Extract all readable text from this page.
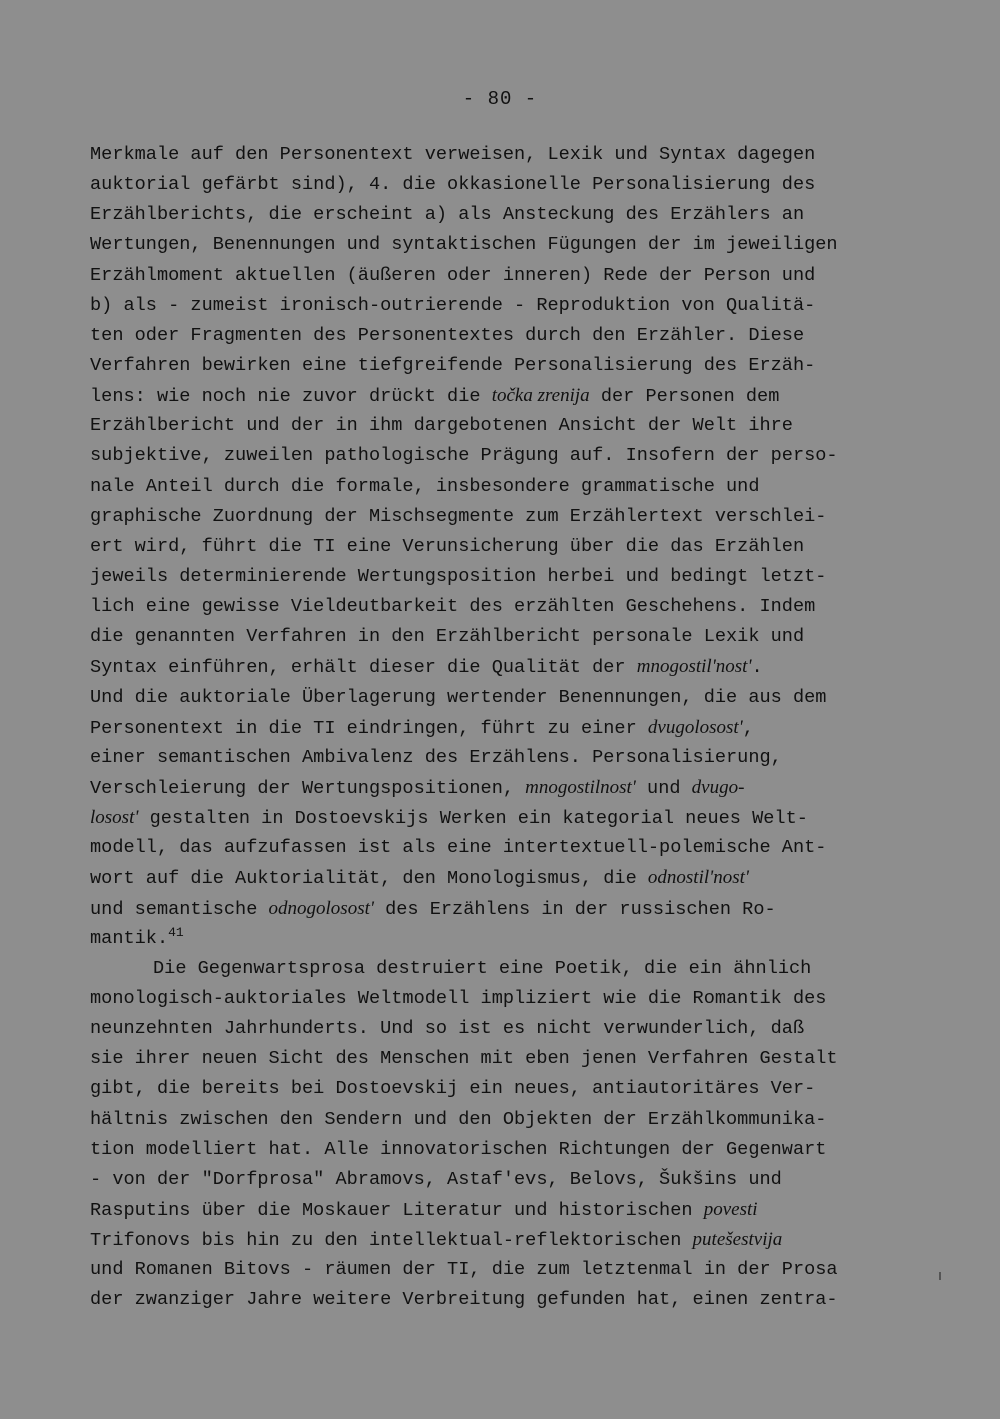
- 80 -
Merkmale auf den Personentext verweisen, Lexik und Syntax dagegen
auktorial gefärbt sind), 4. die okkasionelle Personalisierung des
Erzählberichts, die erscheint a) als Ansteckung des Erzählers an
Wertungen, Benennungen und syntaktischen Fügungen der im jeweiligen
Erzählmoment aktuellen (äußeren oder inneren) Rede der Person und
b) als - zumeist ironisch-outrierende - Reproduktion von Qualitä-
ten oder Fragmenten des Personentextes durch den Erzähler. Diese
Verfahren bewirken eine tiefgreifende Personalisierung des Erzäh-
lens: wie noch nie zuvor drückt die točka zrenija der Personen dem
Erzählbericht und der in ihm dargebotenen Ansicht der Welt ihre
subjektive, zuweilen pathologische Prägung auf. Insofern der perso-
nale Anteil durch die formale, insbesondere grammatische und
graphische Zuordnung der Mischsegmente zum Erzählertext verschlei-
ert wird, führt die TI eine Verunsicherung über die das Erzählen
jeweils determinierende Wertungsposition herbei und bedingt letzt-
lich eine gewisse Vieldeutbarkeit des erzählten Geschehens. Indem
die genannten Verfahren in den Erzählbericht personale Lexik und
Syntax einführen, erhält dieser die Qualität der mnogostil'nost'.
Und die auktoriale Überlagerung wertender Benennungen, die aus dem
Personentext in die TI eindringen, führt zu einer dvugolosost',
einer semantischen Ambivalenz des Erzählens. Personalisierung,
Verschleierung der Wertungspositionen, mnogostilnost' und dvugo-
losost' gestalten in Dostoevskijs Werken ein kategorial neues Welt-
modell, das aufzufassen ist als eine intertextuell-polemische Ant-
wort auf die Auktorialität, den Monologismus, die odnostil'nost'
und semantische odnogolosost' des Erzählens in der russischen Ro-
mantik.$^{41}$
Die Gegenwartsprosa destruiert eine Poetik, die ein ähnlich
monologisch-auktoriales Weltmodell impliziert wie die Romantik des
neunzehnten Jahrhunderts. Und so ist es nicht verwunderlich, daß
sie ihrer neuen Sicht des Menschen mit eben jenen Verfahren Gestalt
gibt, die bereits bei Dostoevskij ein neues, antiautoritäres Ver-
hältnis zwischen den Sendern und den Objekten der Erzählkommunika-
tion modelliert hat. Alle innovatorischen Richtungen der Gegenwart
- von der "Dorfprosa" Abramovs, Astaf'evs, Belovs, Šukšins und
Rasputins über die Moskauer Literatur und historischen povesti
Trifonovs bis hin zu den intellektual-reflektorischen putešestvija
und Romanen Bitovs - räumen der TI, die zum letztenmal in der Prosa
der zwanziger Jahre weitere Verbreitung gefunden hat, einen zentra-
